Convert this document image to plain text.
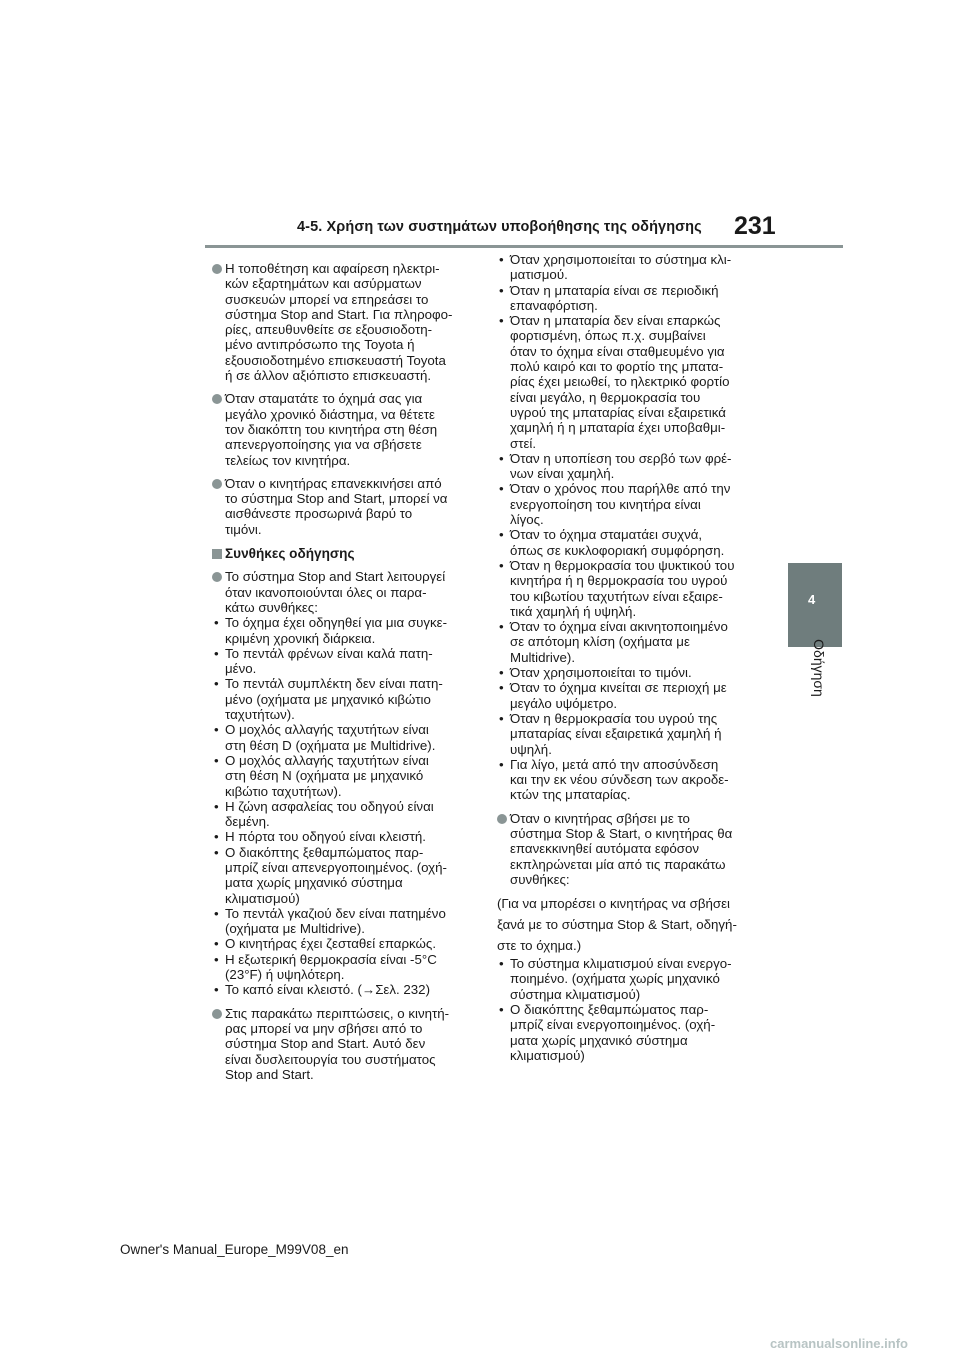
4-5. Χρήση των συστημάτων υποβοήθησης της οδήγησης 231
Η τοποθέτηση και αφαίρεση ηλεκτρι-
κών εξαρτημάτων και ασύρματων
συσκευών μπορεί να επηρεάσει το
σύστημα Stop and Start. Για πληροφο-
ρίες, απευθυνθείτε σε εξουσιοδοτη-
μένο αντιπρόσωπο της Toyota ή
εξουσιοδοτημένο επισκευαστή Toyota
ή σε άλλον αξιόπιστο επισκευαστή.
Όταν σταματάτε το όχημά σας για
μεγάλο χρονικό διάστημα, να θέτετε
τον διακόπτη του κινητήρα στη θέση
απενεργοποίησης για να σβήσετε
τελείως τον κινητήρα.
Όταν ο κινητήρας επανεκκινήσει από
το σύστημα Stop and Start, μπορεί να
αισθάνεστε προσωρινά βαρύ το
τιμόνι.
Συνθήκες οδήγησης
Το σύστημα Stop and Start λειτουργεί
όταν ικανοποιούνται όλες οι παρα-
κάτω συνθήκες:
• Το όχημα έχει οδηγηθεί για μια συγκε-
κριμένη χρονική διάρκεια.
• Το πεντάλ φρένων είναι καλά πατη-
μένο.
• Το πεντάλ συμπλέκτη δεν είναι πατη-
μένο (οχήματα με μηχανικό κιβώτιο
ταχυτήτων).
• Ο μοχλός αλλαγής ταχυτήτων είναι
στη θέση D (οχήματα με Multidrive).
• Ο μοχλός αλλαγής ταχυτήτων είναι
στη θέση N (οχήματα με μηχανικό
κιβώτιο ταχυτήτων).
• Η ζώνη ασφαλείας του οδηγού είναι
δεμένη.
• Η πόρτα του οδηγού είναι κλειστή.
• Ο διακόπτης ξεθαμπώματος παρ-
μπρίζ είναι απενεργοποιημένος. (οχή-
ματα χωρίς μηχανικό σύστημα
κλιματισμού)
• Το πεντάλ γκαζιού δεν είναι πατημένο
(οχήματα με Multidrive).
• Ο κινητήρας έχει ζεσταθεί επαρκώς.
• Η εξωτερική θερμοκρασία είναι -5°C
(23°F) ή υψηλότερη.
• Το καπό είναι κλειστό. (→Σελ. 232)
Στις παρακάτω περιπτώσεις, ο κινητή-
ρας μπορεί να μην σβήσει από το
σύστημα Stop and Start. Αυτό δεν
είναι δυσλειτουργία του συστήματος
Stop and Start.
• Όταν χρησιμοποιείται το σύστημα κλι-
ματισμού.
• Όταν η μπαταρία είναι σε περιοδική
επαναφόρτιση.
• Όταν η μπαταρία δεν είναι επαρκώς
φορτισμένη, όπως π.χ. συμβαίνει
όταν το όχημα είναι σταθμευμένο για
πολύ καιρό και το φορτίο της μπατα-
ρίας έχει μειωθεί, το ηλεκτρικό φορτίο
είναι μεγάλο, η θερμοκρασία του
υγρού της μπαταρίας είναι εξαιρετικά
χαμηλή ή η μπαταρία έχει υποβαθμι-
στεί.
• Όταν η υποπίεση του σερβό των φρέ-
νων είναι χαμηλή.
• Όταν ο χρόνος που παρήλθε από την
ενεργοποίηση του κινητήρα είναι
λίγος.
• Όταν το όχημα σταματάει συχνά,
όπως σε κυκλοφοριακή συμφόρηση.
• Όταν η θερμοκρασία του ψυκτικού του
κινητήρα ή η θερμοκρασία του υγρού
του κιβωτίου ταχυτήτων είναι εξαιρε-
τικά χαμηλή ή υψηλή.
• Όταν το όχημα είναι ακινητοποιημένο
σε απότομη κλίση (οχήματα με
Multidrive).
• Όταν χρησιμοποιείται το τιμόνι.
• Όταν το όχημα κινείται σε περιοχή με
μεγάλο υψόμετρο.
• Όταν η θερμοκρασία του υγρού της
μπαταρίας είναι εξαιρετικά χαμηλή ή
υψηλή.
• Για λίγο, μετά από την αποσύνδεση
και την εκ νέου σύνδεση των ακροδε-
κτών της μπαταρίας.
Όταν ο κινητήρας σβήσει με το
σύστημα Stop & Start, ο κινητήρας θα
επανεκκινηθεί αυτόματα εφόσον
εκπληρώνεται μία από τις παρακάτω
συνθήκες:
(Για να μπορέσει ο κινητήρας να σβήσει
ξανά με το σύστημα Stop & Start, οδηγή-
στε το όχημα.)
• Το σύστημα κλιματισμού είναι ενεργο-
ποιημένο. (οχήματα χωρίς μηχανικό
σύστημα κλιματισμού)
• Ο διακόπτης ξεθαμπώματος παρ-
μπρίζ είναι ενεργοποιημένος. (οχή-
ματα χωρίς μηχανικό σύστημα
κλιματισμού)
4
Οδήγηση
Owner's Manual_Europe_M99V08_en
carmanualsonline.info
